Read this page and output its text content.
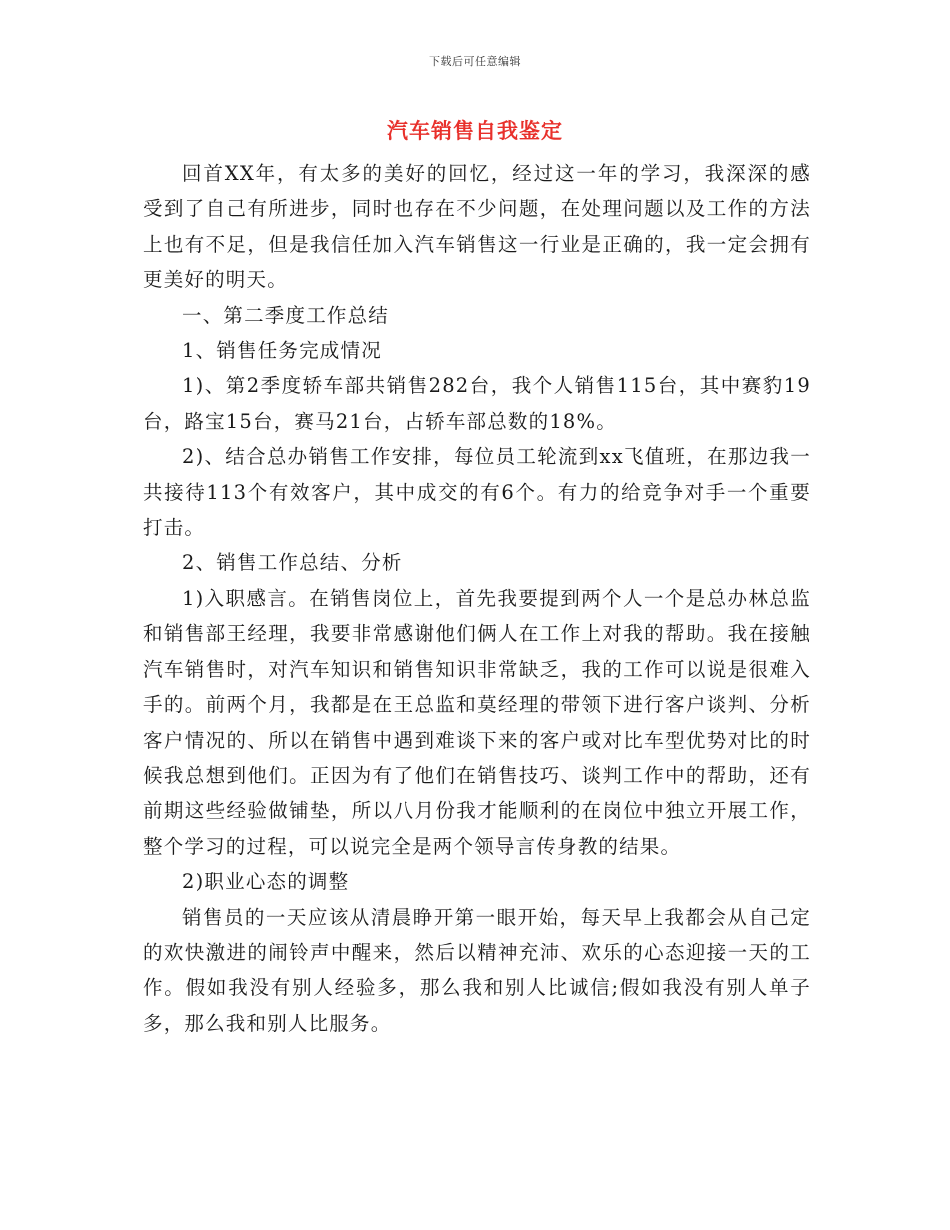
下载后可任意编辑
汽车销售自我鉴定

回首XX年，有太多的美好的回忆，经过这一年的学习，我深深的感受到了自己有所进步，同时也存在不少问题，在处理问题以及工作的方法上也有不足，但是我信任加入汽车销售这一行业是正确的，我一定会拥有更美好的明天。

一、第二季度工作总结

1、销售任务完成情况

1)、第2季度轿车部共销售282台，我个人销售115台，其中赛豹19台，路宝15台，赛马21台，占轿车部总数的18%。

2)、结合总办销售工作安排，每位员工轮流到xx飞值班，在那边我一共接待113个有效客户，其中成交的有6个。有力的给竞争对手一个重要打击。

2、销售工作总结、分析

1)入职感言。在销售岗位上，首先我要提到两个人一个是总办林总监和销售部王经理，我要非常感谢他们俩人在工作上对我的帮助。我在接触汽车销售时，对汽车知识和销售知识非常缺乏，我的工作可以说是很难入手的。前两个月，我都是在王总监和莫经理的带领下进行客户谈判、分析客户情况的、所以在销售中遇到难谈下来的客户或对比车型优势对比的时候我总想到他们。正因为有了他们在销售技巧、谈判工作中的帮助，还有前期这些经验做铺垫，所以八月份我才能顺利的在岗位中独立开展工作，整个学习的过程，可以说完全是两个领导言传身教的结果。

2)职业心态的调整

销售员的一天应该从清晨睁开第一眼开始，每天早上我都会从自己定的欢快激进的闹铃声中醒来，然后以精神充沛、欢乐的心态迎接一天的工作。假如我没有别人经验多，那么我和别人比诚信;假如我没有别人单子多，那么我和别人比服务。
